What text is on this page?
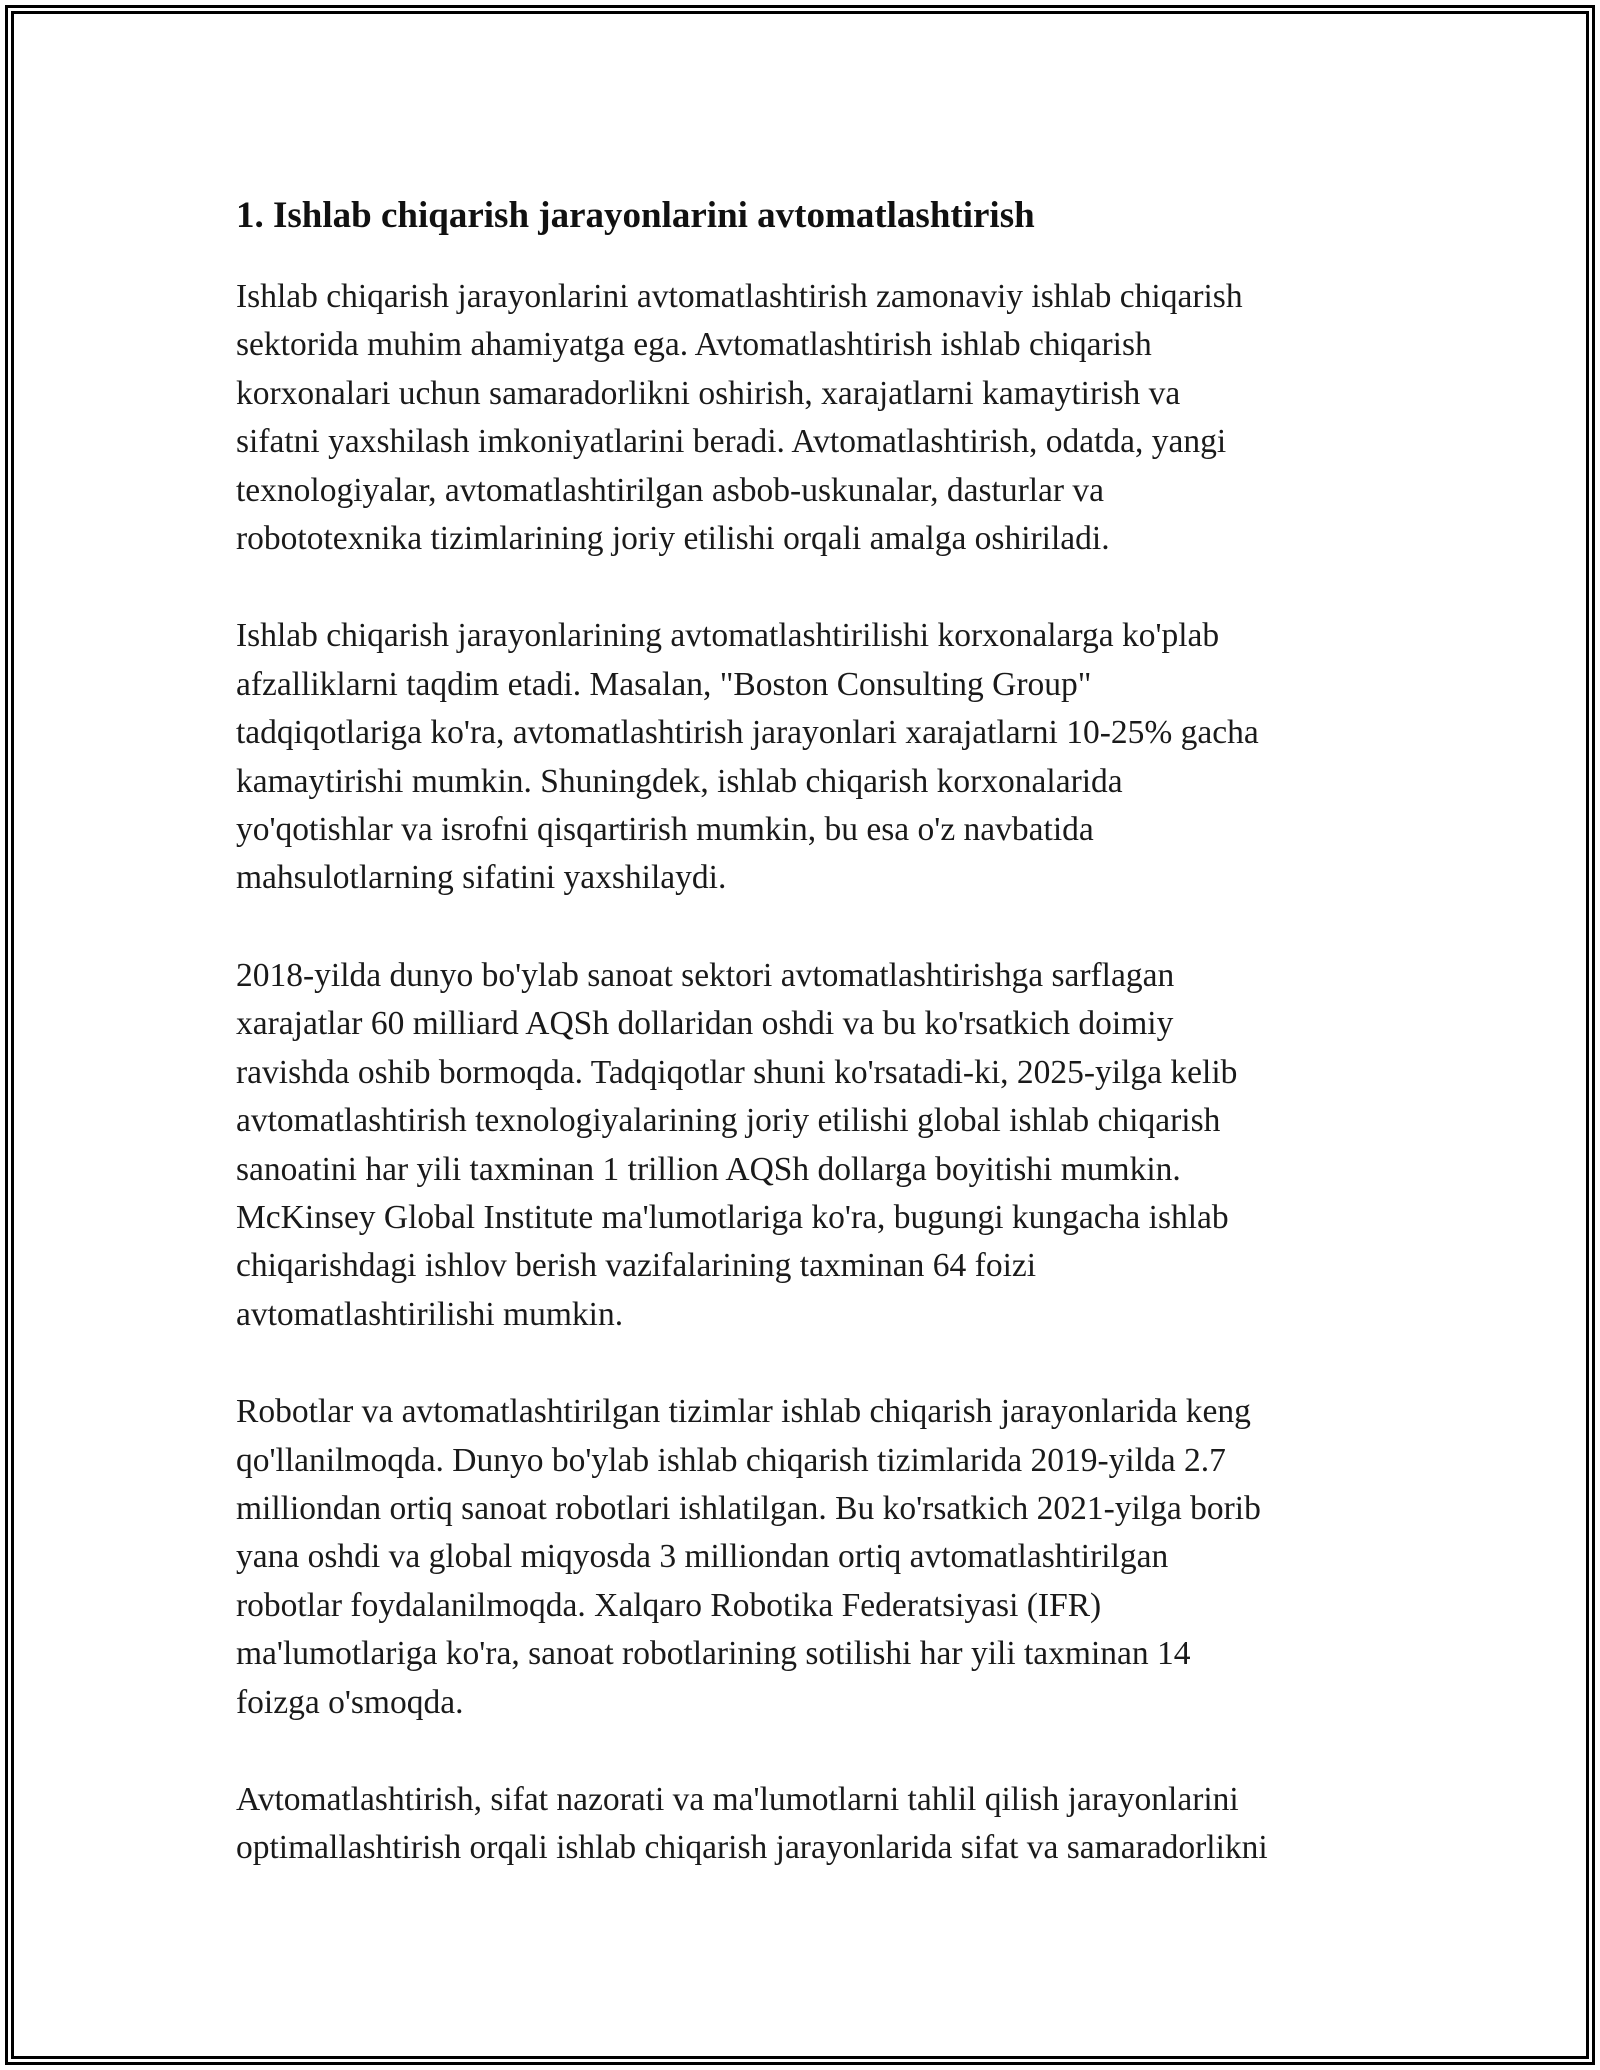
1. Ishlab chiqarish jarayonlarini avtomatlashtirish
Ishlab chiqarish jarayonlarini avtomatlashtirish zamonaviy ishlab chiqarish
sektorida muhim ahamiyatga ega. Avtomatlashtirish ishlab chiqarish
korxonalari uchun samaradorlikni oshirish, xarajatlarni kamaytirish va
sifatni yaxshilash imkoniyatlarini beradi. Avtomatlashtirish, odatda, yangi
texnologiyalar, avtomatlashtirilgan asbob-uskunalar, dasturlar va
robototexnika tizimlarining joriy etilishi orqali amalga oshiriladi.
Ishlab chiqarish jarayonlarining avtomatlashtirilishi korxonalarga ko'plab
afzalliklarni taqdim etadi. Masalan, "Boston Consulting Group"
tadqiqotlariga ko'ra, avtomatlashtirish jarayonlari xarajatlarni 10-25% gacha
kamaytirishi mumkin. Shuningdek, ishlab chiqarish korxonalarida
yo'qotishlar va isrofni qisqartirish mumkin, bu esa o'z navbatida
mahsulotlarning sifatini yaxshilaydi.
2018-yilda dunyo bo'ylab sanoat sektori avtomatlashtirishga sarflagan
xarajatlar 60 milliard AQSh dollaridan oshdi va bu ko'rsatkich doimiy
ravishda oshib bormoqda. Tadqiqotlar shuni ko'rsatadi-ki, 2025-yilga kelib
avtomatlashtirish texnologiyalarining joriy etilishi global ishlab chiqarish
sanoatini har yili taxminan 1 trillion AQSh dollarga boyitishi mumkin.
McKinsey Global Institute ma'lumotlariga ko'ra, bugungi kungacha ishlab
chiqarishdagi ishlov berish vazifalarining taxminan 64 foizi
avtomatlashtirilishi mumkin.
Robotlar va avtomatlashtirilgan tizimlar ishlab chiqarish jarayonlarida keng
qo'llanilmoqda. Dunyo bo'ylab ishlab chiqarish tizimlarida 2019-yilda 2.7
milliondan ortiq sanoat robotlari ishlatilgan. Bu ko'rsatkich 2021-yilga borib
yana oshdi va global miqyosda 3 milliondan ortiq avtomatlashtirilgan
robotlar foydalanilmoqda. Xalqaro Robotika Federatsiyasi (IFR)
ma'lumotlariga ko'ra, sanoat robotlarining sotilishi har yili taxminan 14
foizga o'smoqda.
Avtomatlashtirish, sifat nazorati va ma'lumotlarni tahlil qilish jarayonlarini
optimallashtirish orqali ishlab chiqarish jarayonlarida sifat va samaradorlikni
